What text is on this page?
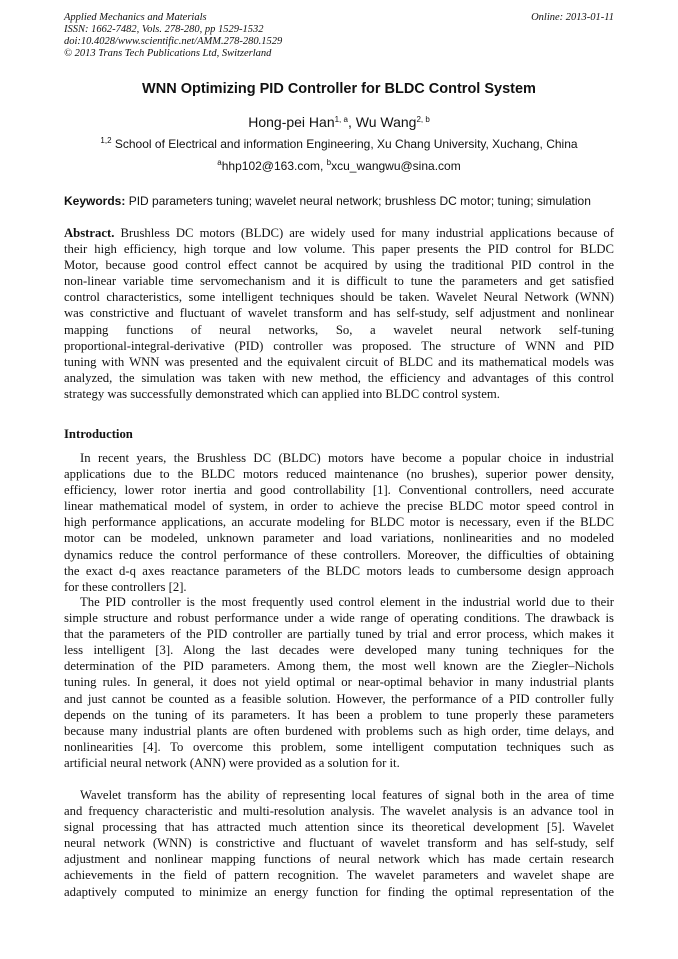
Applied Mechanics and Materials
ISSN: 1662-7482, Vols. 278-280, pp 1529-1532
doi:10.4028/www.scientific.net/AMM.278-280.1529
© 2013 Trans Tech Publications Ltd, Switzerland
Online: 2013-01-11
WNN Optimizing PID Controller for BLDC Control System
Hong-pei Han$^{1, a}$, Wu Wang$^{2, b}$
$^{1,2}$ School of Electrical and information Engineering, Xu Chang University, Xuchang, China
$^a$hhp102@163.com, $^b$xcu_wangwu@sina.com
Keywords: PID parameters tuning; wavelet neural network; brushless DC motor; tuning; simulation
Abstract. Brushless DC motors (BLDC) are widely used for many industrial applications because of
their high efficiency, high torque and low volume. This paper presents the PID control for BLDC
Motor, because good control effect cannot be acquired by using the traditional PID control in the
non-linear variable time servomechanism and it is difficult to tune the parameters and get satisfied
control characteristics, some intelligent techniques should be taken. Wavelet Neural Network (WNN)
was constrictive and fluctuant of wavelet transform and has self-study, self adjustment and nonlinear
mapping functions of neural networks, So, a wavelet neural network self-tuning
proportional-integral-derivative (PID) controller was proposed. The structure of WNN and PID
tuning with WNN was presented and the equivalent circuit of BLDC and its mathematical models was
analyzed, the simulation was taken with new method, the efficiency and advantages of this control
strategy was successfully demonstrated which can applied into BLDC control system.
Introduction
In recent years, the Brushless DC (BLDC) motors have become a popular choice in industrial
applications due to the BLDC motors reduced maintenance (no brushes), superior power density,
efficiency, lower rotor inertia and good controllability [1]. Conventional controllers, need accurate
linear mathematical model of system, in order to achieve the precise BLDC motor speed control in
high performance applications, an accurate modeling for BLDC motor is necessary, even if the BLDC
motor can be modeled, unknown parameter and load variations, nonlinearities and no modeled
dynamics reduce the control performance of these controllers. Moreover, the difficulties of obtaining
the exact d-q axes reactance parameters of the BLDC motors leads to cumbersome design approach
for these controllers [2].
The PID controller is the most frequently used control element in the industrial world due to their
simple structure and robust performance under a wide range of operating conditions. The drawback is
that the parameters of the PID controller are partially tuned by trial and error process, which makes it
less intelligent [3]. Along the last decades were developed many tuning techniques for the
determination of the PID parameters. Among them, the most well known are the Ziegler–Nichols
tuning rules. In general, it does not yield optimal or near-optimal behavior in many industrial plants
and just cannot be counted as a feasible solution. However, the performance of a PID controller fully
depends on the tuning of its parameters. It has been a problem to tune properly these parameters
because many industrial plants are often burdened with problems such as high order, time delays, and
nonlinearities [4]. To overcome this problem, some intelligent computation techniques such as
artificial neural network (ANN) were provided as a solution for it.
Wavelet transform has the ability of representing local features of signal both in the area of time
and frequency characteristic and multi-resolution analysis. The wavelet analysis is an advance tool in
signal processing that has attracted much attention since its theoretical development [5]. Wavelet
neural network (WNN) is constrictive and fluctuant of wavelet transform and has self-study, self
adjustment and nonlinear mapping functions of neural network which has made certain research
achievements in the field of pattern recognition. The wavelet parameters and wavelet shape are
adaptively computed to minimize an energy function for finding the optimal representation of the
